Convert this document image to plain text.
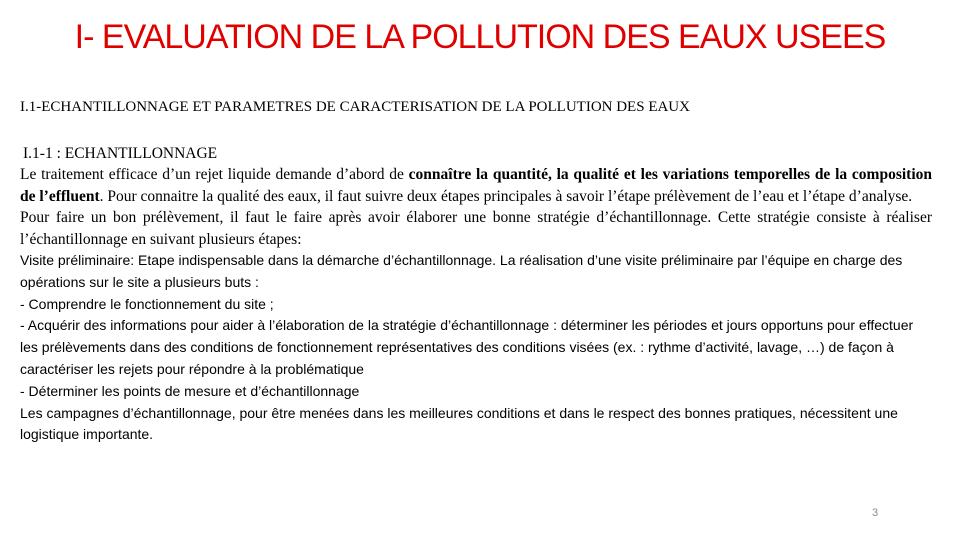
I- EVALUATION DE LA POLLUTION DES EAUX USEES
I.1-ECHANTILLONNAGE ET PARAMETRES DE CARACTERISATION DE LA POLLUTION DES EAUX
I.1-1 : ECHANTILLONNAGE
Le traitement efficace d’un rejet liquide demande d’abord de connaître la quantité, la qualité et les variations temporelles de la composition de l’effluent. Pour connaitre la qualité des eaux, il faut suivre deux étapes principales à savoir l’étape prélèvement de l’eau et l’étape d’analyse.
Pour faire un bon prélèvement, il faut le faire après avoir élaborer une bonne stratégie d’échantillonnage. Cette stratégie consiste à réaliser l’échantillonnage en suivant plusieurs étapes:
Visite préliminaire: Etape indispensable dans la démarche d’échantillonnage. La réalisation d’une visite préliminaire par l’équipe en charge des opérations sur le site a plusieurs buts :
- Comprendre le fonctionnement du site ;
- Acquérir des informations pour aider à l’élaboration de la stratégie d’échantillonnage : déterminer les périodes et jours opportuns pour effectuer les prélèvements dans des conditions de fonctionnement représentatives des conditions visées (ex. : rythme d’activité, lavage, …) de façon à caractériser les rejets pour répondre à la problématique
- Déterminer les points de mesure et d’échantillonnage
Les campagnes d’échantillonnage, pour être menées dans les meilleures conditions et dans le respect des bonnes pratiques, nécessitent une logistique importante.
3
